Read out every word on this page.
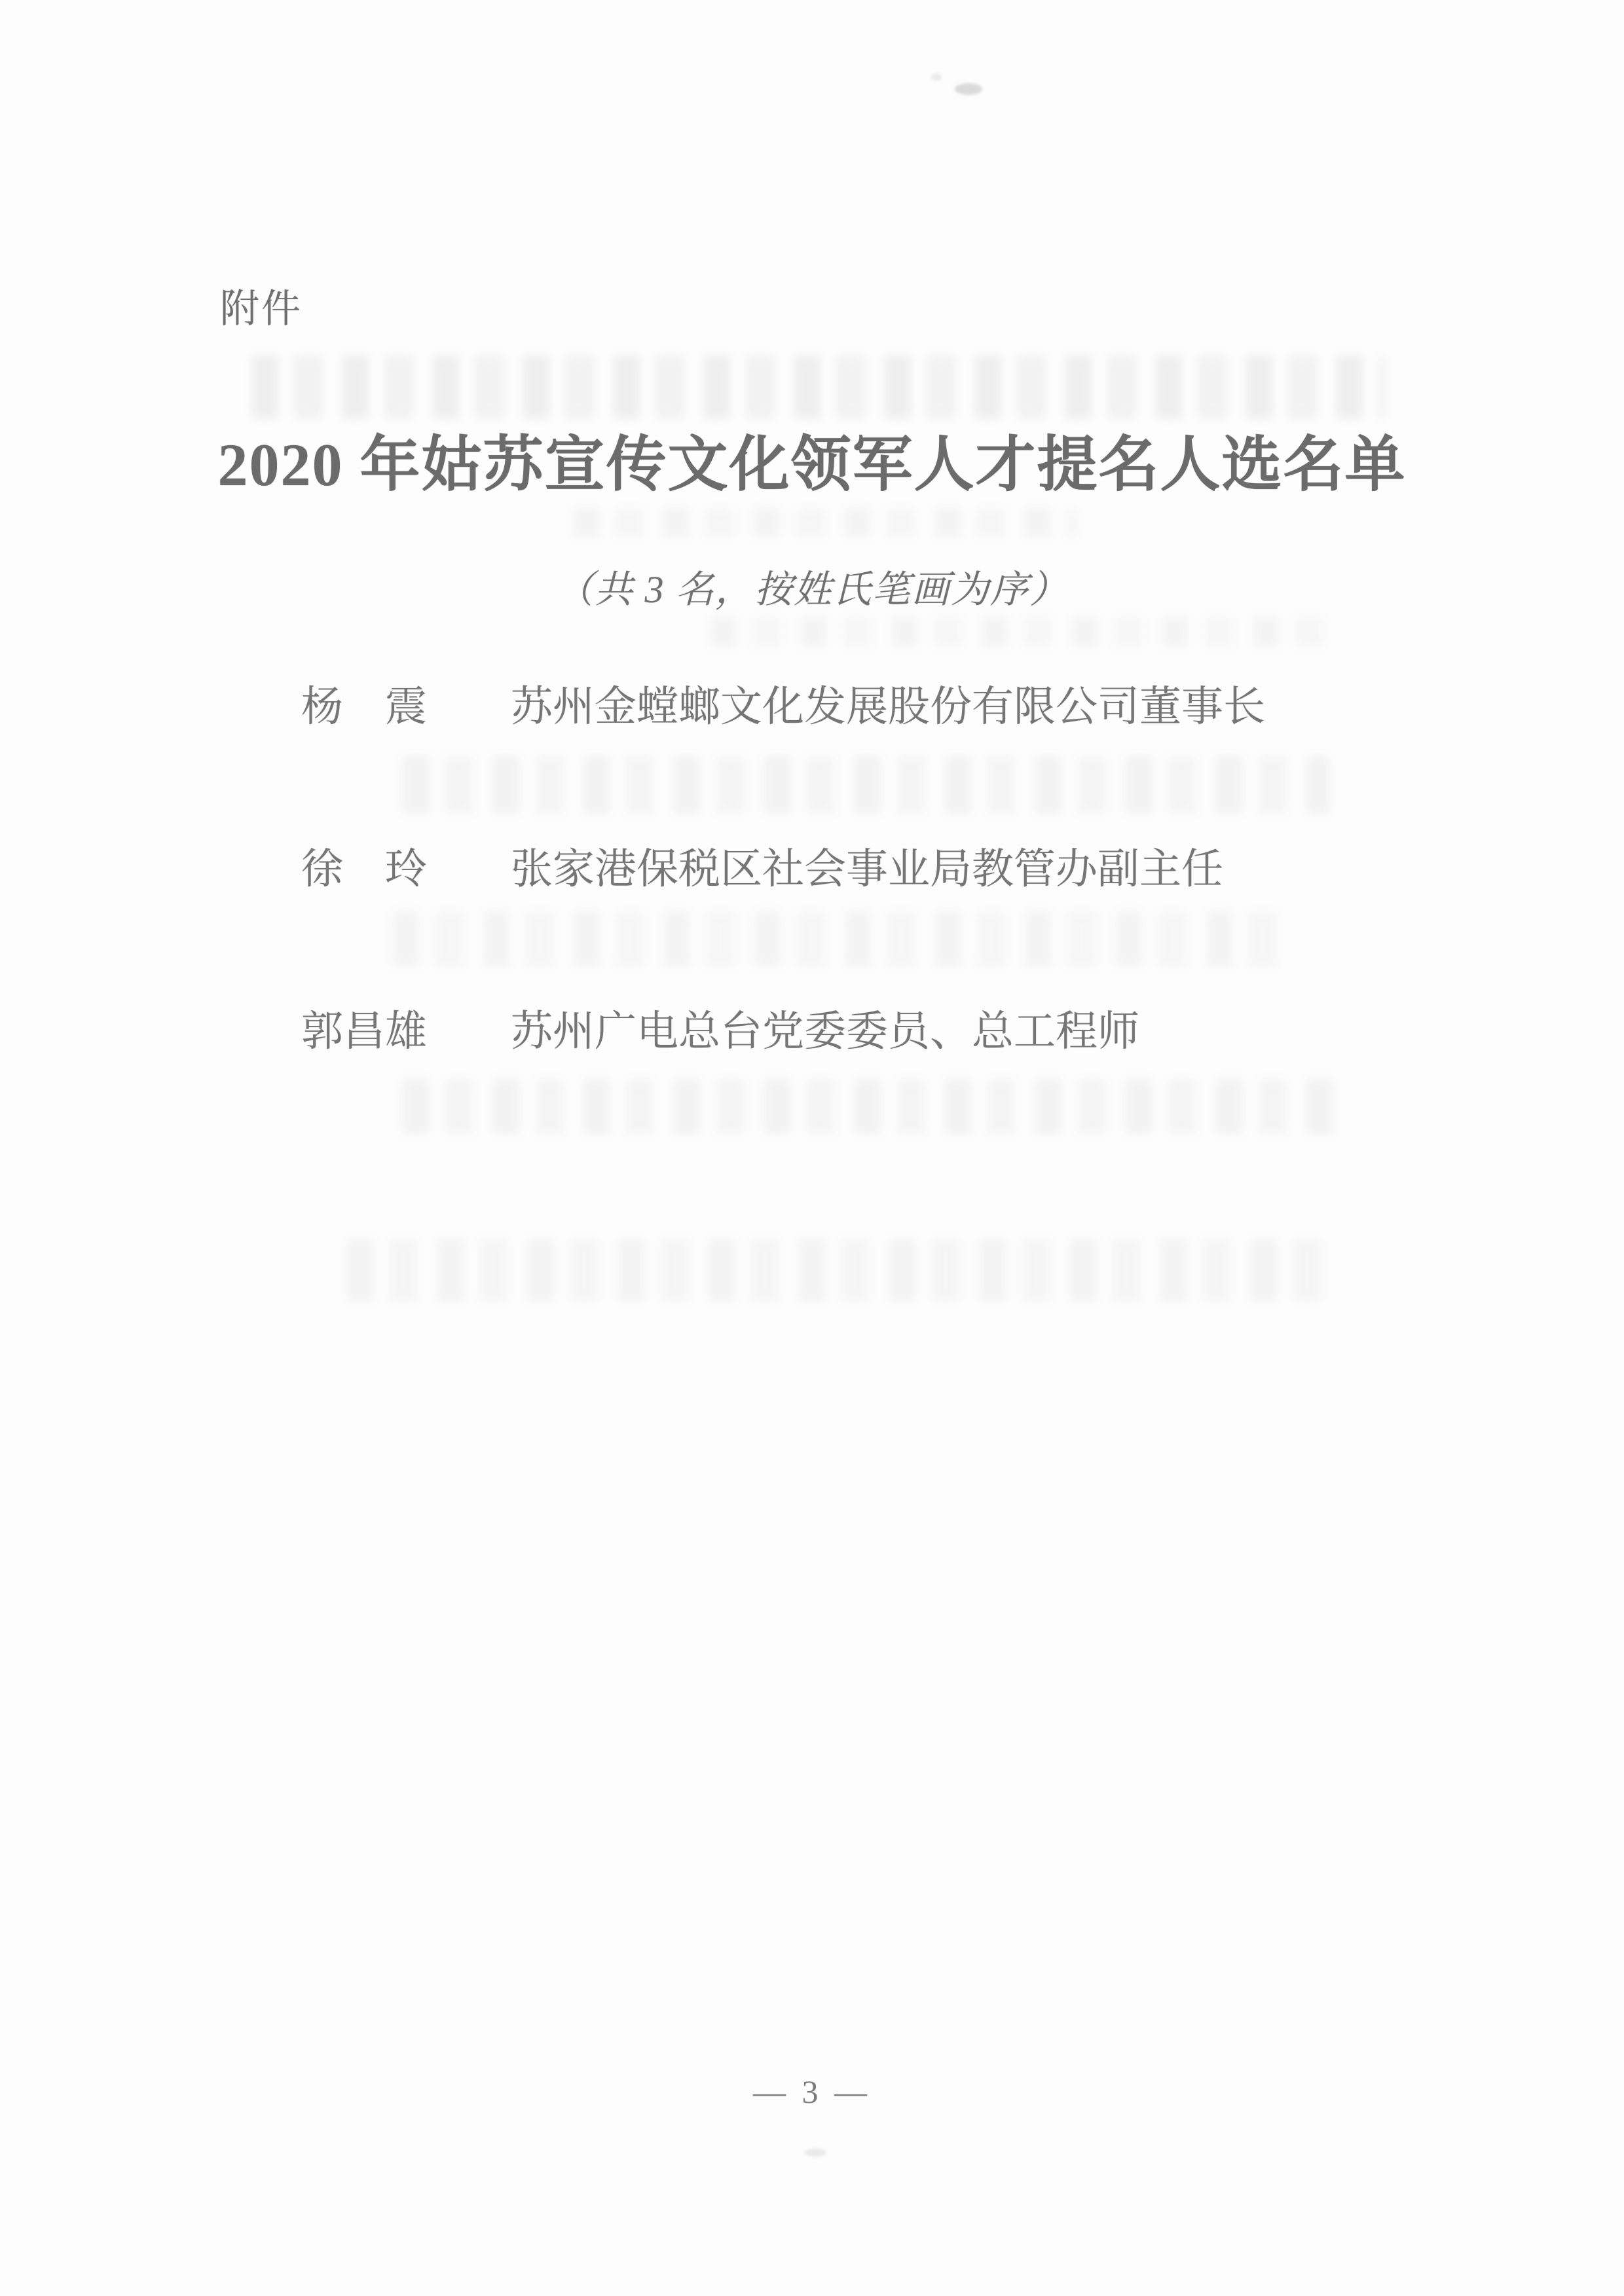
附件
2020 年姑苏宣传文化领军人才提名人选名单
（共 3 名，按姓氏笔画为序）
杨　震 苏州金螳螂文化发展股份有限公司董事长
徐　玲 张家港保税区社会事业局教管办副主任
郭昌雄 苏州广电总台党委委员、总工程师
— 3 —
